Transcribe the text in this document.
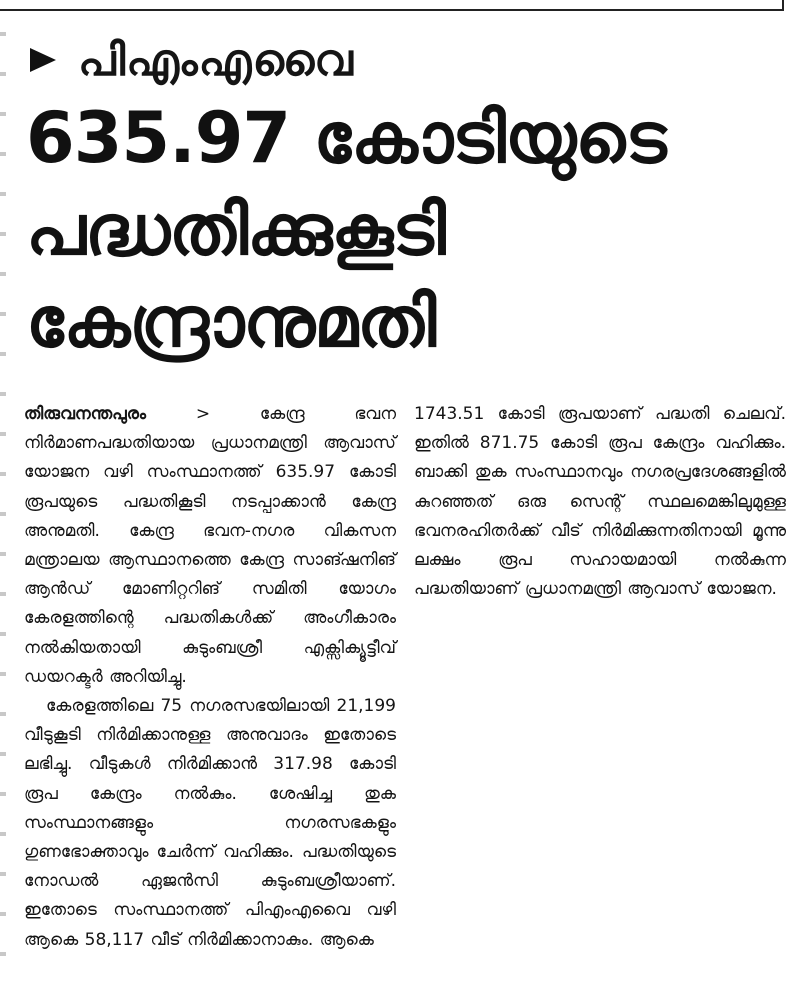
പിഎംഎവൈ
635.97 കോടിയുടെ
പദ്ധതിക്കുകൂടി
കേന്ദ്രാനുമതി

തിരുവനന്തപുരം	>	കേന്ദ്ര ഭവന നിർമാണപദ്ധതിയായ പ്രധാനമന്ത്രി ആവാസ് യോജന വഴി സംസ്ഥാനത്ത് 635.97 കോടി രൂപയുടെ പദ്ധതികൂടി നടപ്പാക്കാൻ കേന്ദ്ര അനുമതി. കേന്ദ്ര ഭവന-നഗര വികസന മന്ത്രാലയ ആസ്ഥാനത്തെ കേന്ദ്ര സാങ്ഷനിങ് ആൻഡ് മോണിറ്ററിങ് സമിതി യോഗം കേരളത്തിന്റെ പദ്ധതികൾക്ക് അംഗീകാരം നൽകിയതായി കുടുംബശ്രീ എക്സിക്യൂട്ടീവ് ഡയറക്ടർ അറിയിച്ചു.

കേരളത്തിലെ 75 നഗരസഭയിലായി 21,199 വീടുകൂടി നിർമിക്കാനുള്ള അനുവാദം ഇതോടെ ലഭിച്ചു. വീടുകൾ നിർമിക്കാൻ 317.98 കോടി രൂപ കേന്ദ്രം നൽകും. ശേഷിച്ച തുക സംസ്ഥാനങ്ങളും നഗരസഭകളും ഗുണഭോക്താവും ചേർന്ന് വഹിക്കും. പദ്ധതിയുടെ നോഡൽ ഏജൻസി കുടുംബശ്രീയാണ്. ഇതോടെ സംസ്ഥാനത്ത് പിഎംഎവൈ വഴി ആകെ 58,117 വീട് നിർമിക്കാനാകും. ആകെ

1743.51 കോടി രൂപയാണ് പദ്ധതി ചെലവ്. ഇതിൽ 871.75 കോടി രൂപ കേന്ദ്രം വഹിക്കും. ബാക്കി തുക സംസ്ഥാനവും നഗരപ്രദേശങ്ങളിൽ കുറഞ്ഞത് ഒരു സെന്റ് സ്ഥലമെങ്കിലുമുള്ള ഭവനരഹിതർക്ക് വീട് നിർമിക്കുന്നതിനായി മൂന്നു ലക്ഷം രൂപ സഹായമായി നൽകുന്ന പദ്ധതിയാണ് പ്രധാനമന്ത്രി ആവാസ് യോജന.
